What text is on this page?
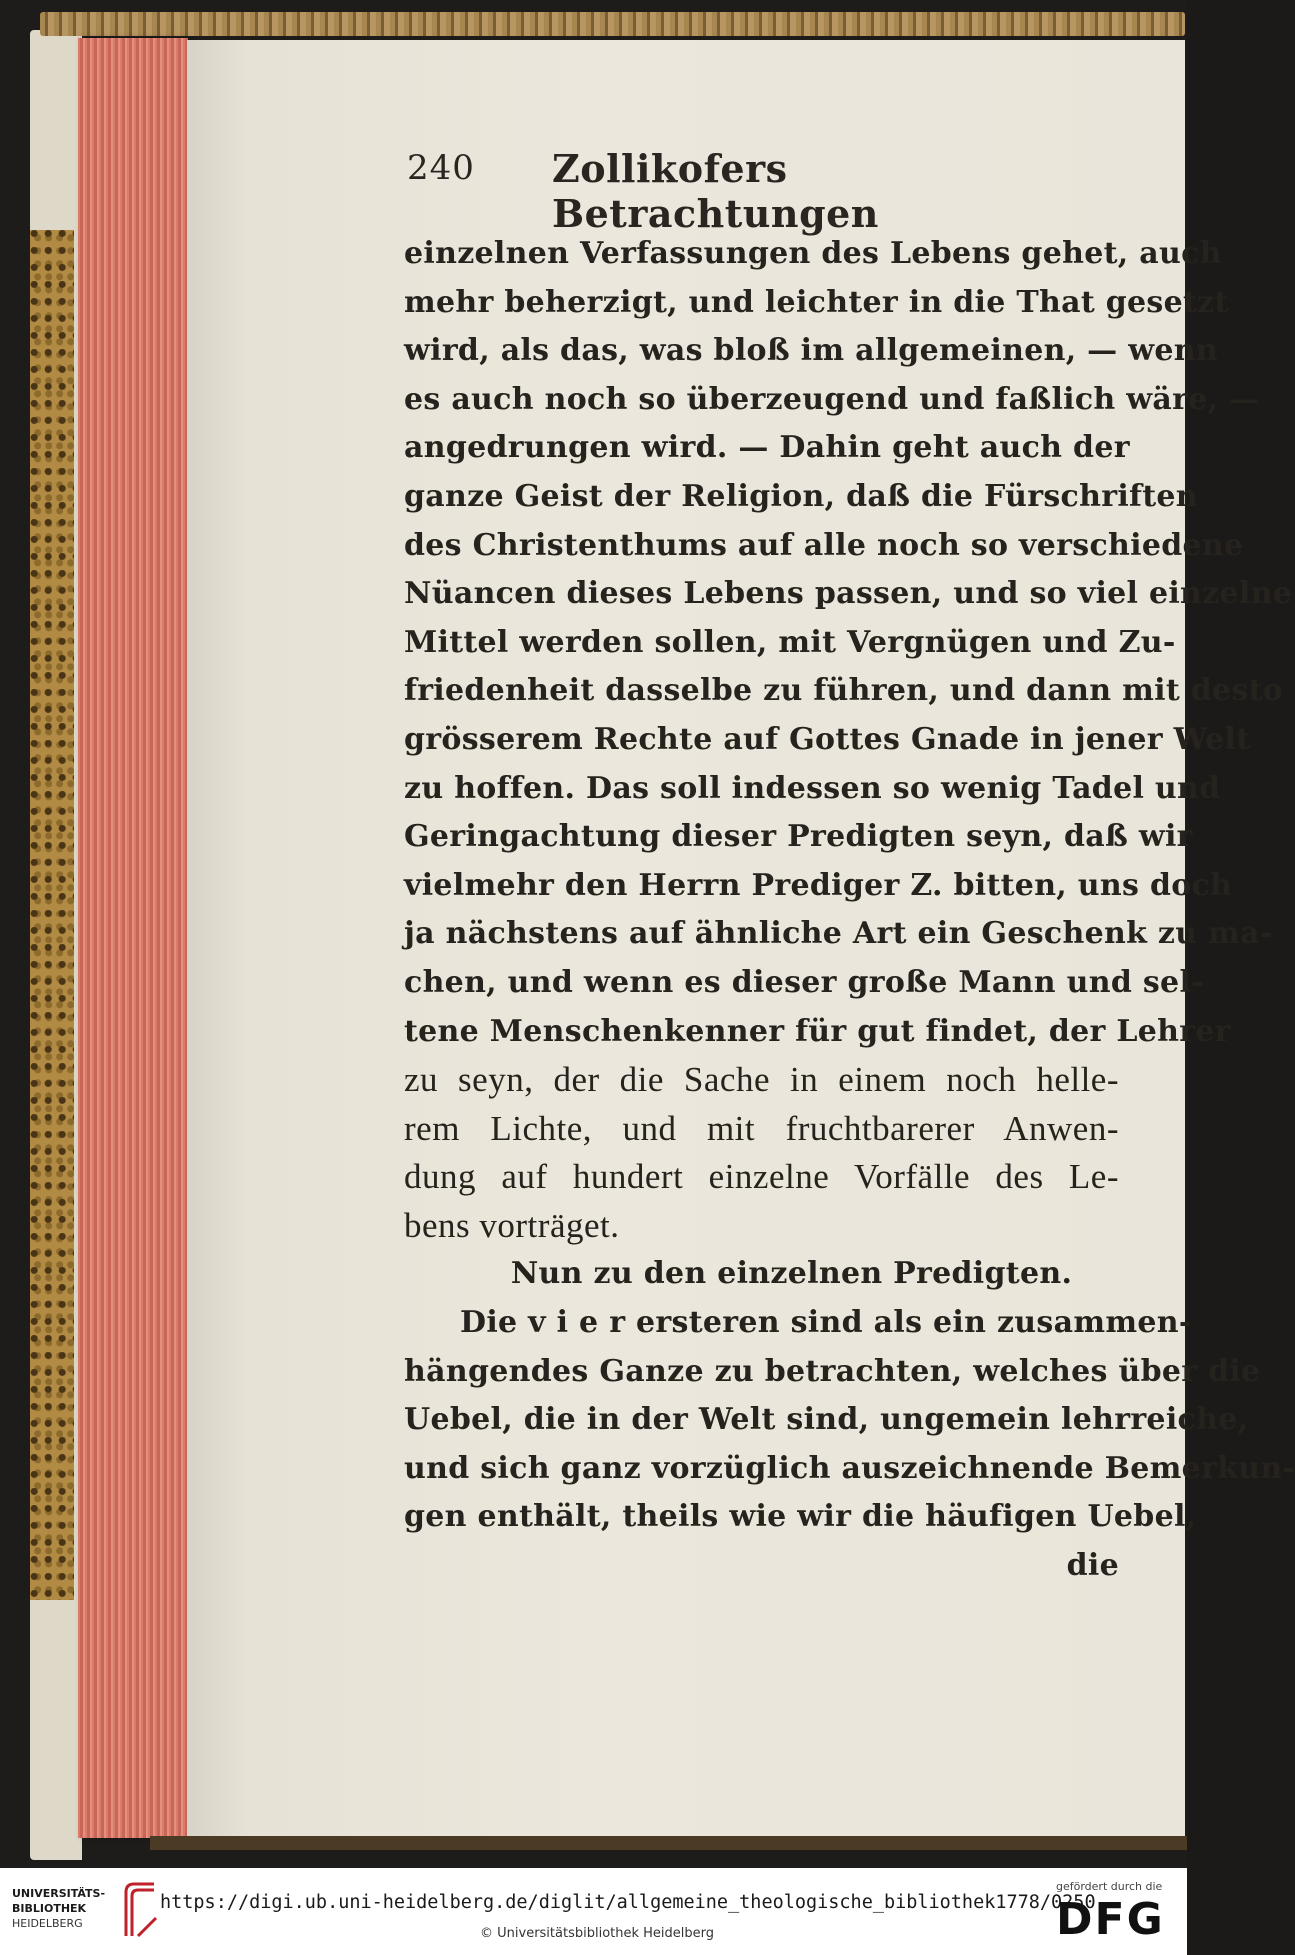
240 Zollikofers Betrachtungen
einzelnen Verfassungen des Lebens gehet, auch
mehr beherzigt, und leichter in die That gesetzt
wird, als das, was bloß im allgemeinen, — wenn
es auch noch so überzeugend und faßlich wäre, —
angedrungen wird. — Dahin geht auch der
ganze Geist der Religion, daß die Fürschriften
des Christenthums auf alle noch so verschiedene
Nüancen dieses Lebens passen, und so viel einzelne
Mittel werden sollen, mit Vergnügen und Zu-
friedenheit dasselbe zu führen, und dann mit desto
grösserem Rechte auf Gottes Gnade in jener Welt
zu hoffen. Das soll indessen so wenig Tadel und
Geringachtung dieser Predigten seyn, daß wir
vielmehr den Herrn Prediger Z. bitten, uns doch
ja nächstens auf ähnliche Art ein Geschenk zu ma-
chen, und wenn es dieser große Mann und sel-
tene Menschenkenner für gut findet, der Lehrer
zu seyn, der die Sache in einem noch helle-
rem Lichte, und mit fruchtbarerer Anwen-
dung auf hundert einzelne Vorfälle des Le-
bens vorträget.
Nun zu den einzelnen Predigten.
Die v i e r ersteren sind als ein zusammen-
hängendes Ganze zu betrachten, welches über die
Uebel, die in der Welt sind, ungemein lehrreiche,
und sich ganz vorzüglich auszeichnende Bemerkun-
gen enthält, theils wie wir die häufigen Uebel,
die
UNIVERSITÄTS-
BIBLIOTHEK
HEIDELBERG
https://digi.ub.uni-heidelberg.de/diglit/allgemeine_theologische_bibliothek1778/0250
© Universitätsbibliothek Heidelberg
gefördert durch die
DFG
